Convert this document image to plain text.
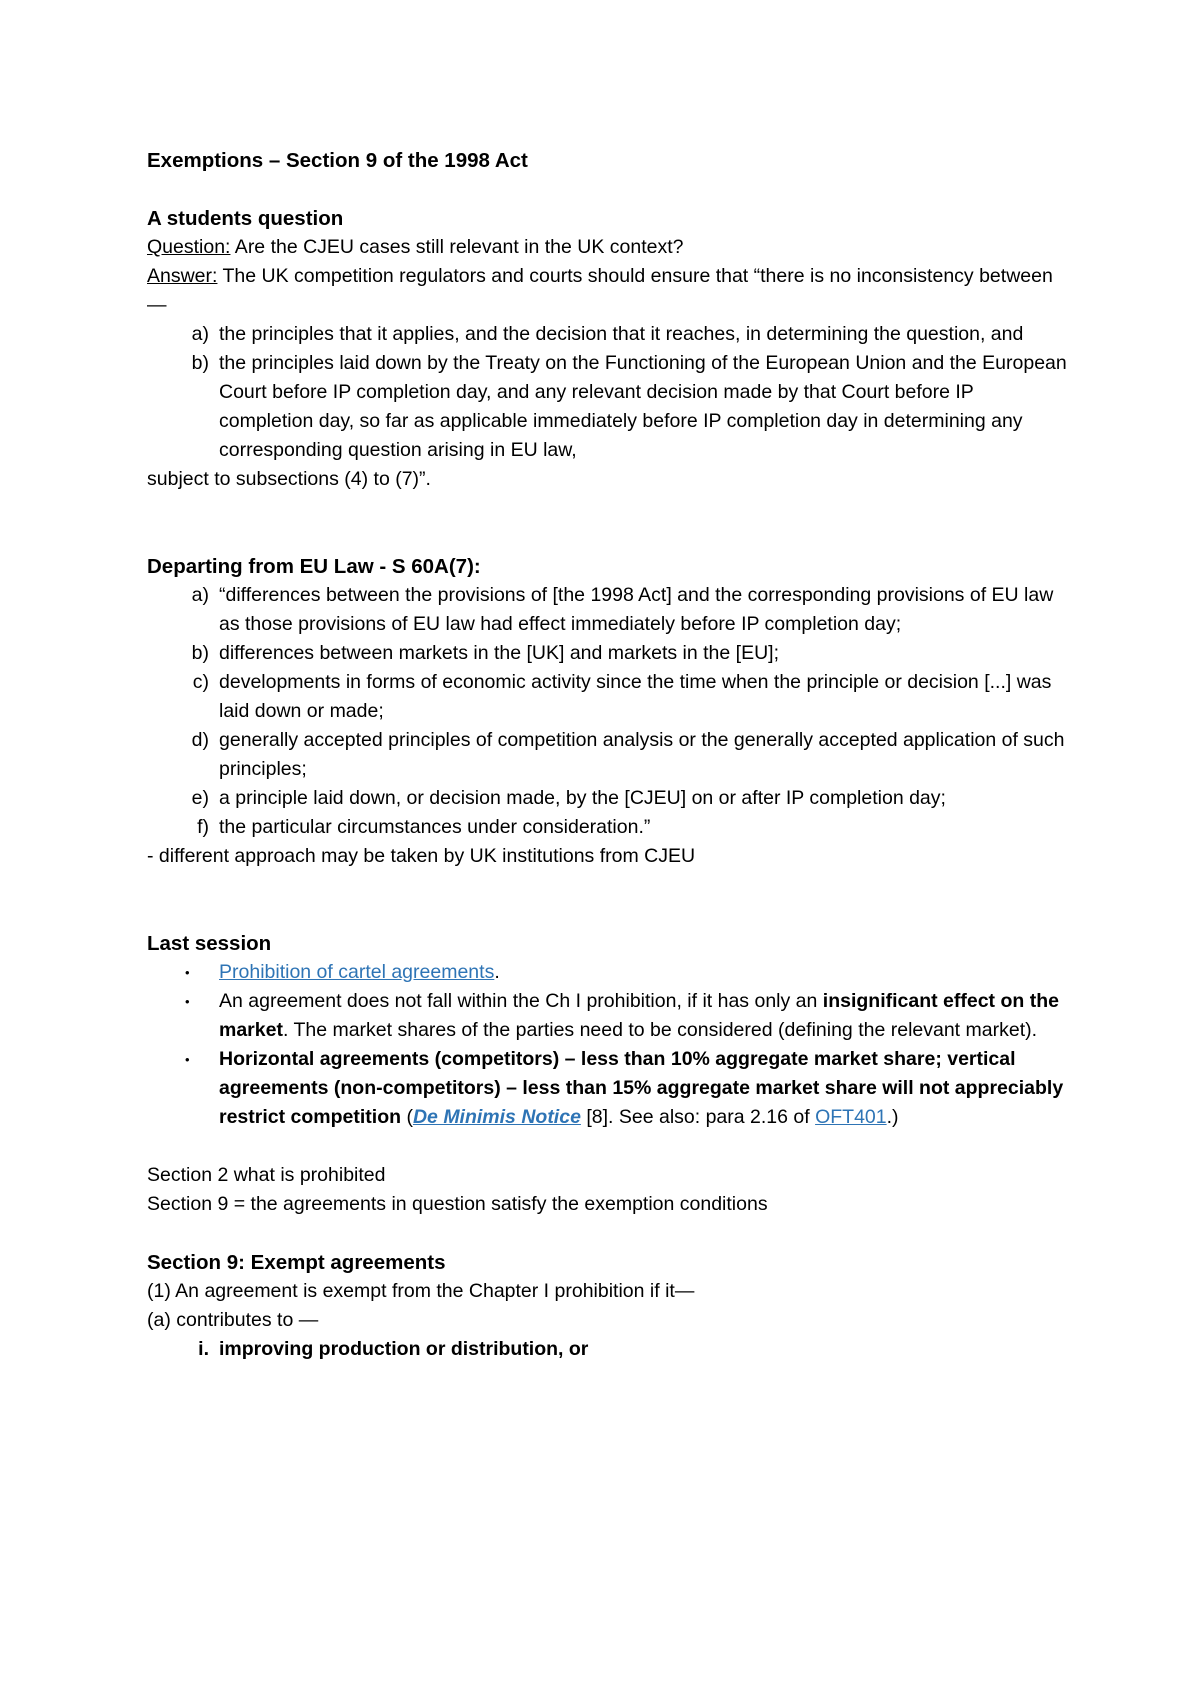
Exemptions – Section 9 of the 1998 Act
A students question
Question: Are the CJEU cases still relevant in the UK context?
Answer: The UK competition regulators and courts should ensure that “there is no inconsistency between —
a) the principles that it applies, and the decision that it reaches, in determining the question, and
b) the principles laid down by the Treaty on the Functioning of the European Union and the European Court before IP completion day, and any relevant decision made by that Court before IP completion day, so far as applicable immediately before IP completion day in determining any corresponding question arising in EU law,
subject to subsections (4) to (7)”.
Departing from EU Law - S 60A(7):
a) “differences between the provisions of [the 1998 Act] and the corresponding provisions of EU law as those provisions of EU law had effect immediately before IP completion day;
b) differences between markets in the [UK] and markets in the [EU];
c) developments in forms of economic activity since the time when the principle or decision [...] was laid down or made;
d) generally accepted principles of competition analysis or the generally accepted application of such principles;
e) a principle laid down, or decision made, by the [CJEU] on or after IP completion day;
f) the particular circumstances under consideration.”
- different approach may be taken by UK institutions from CJEU
Last session
• Prohibition of cartel agreements.
• An agreement does not fall within the Ch I prohibition, if it has only an insignificant effect on the market. The market shares of the parties need to be considered (defining the relevant market).
• Horizontal agreements (competitors) – less than 10% aggregate market share; vertical agreements (non-competitors) – less than 15% aggregate market share will not appreciably restrict competition (De Minimis Notice [8]. See also: para 2.16 of OFT401.)
Section 2 what is prohibited
Section 9 = the agreements in question satisfy the exemption conditions
Section 9: Exempt agreements
(1) An agreement is exempt from the Chapter I prohibition if it—
(a) contributes to —
i. improving production or distribution, or
